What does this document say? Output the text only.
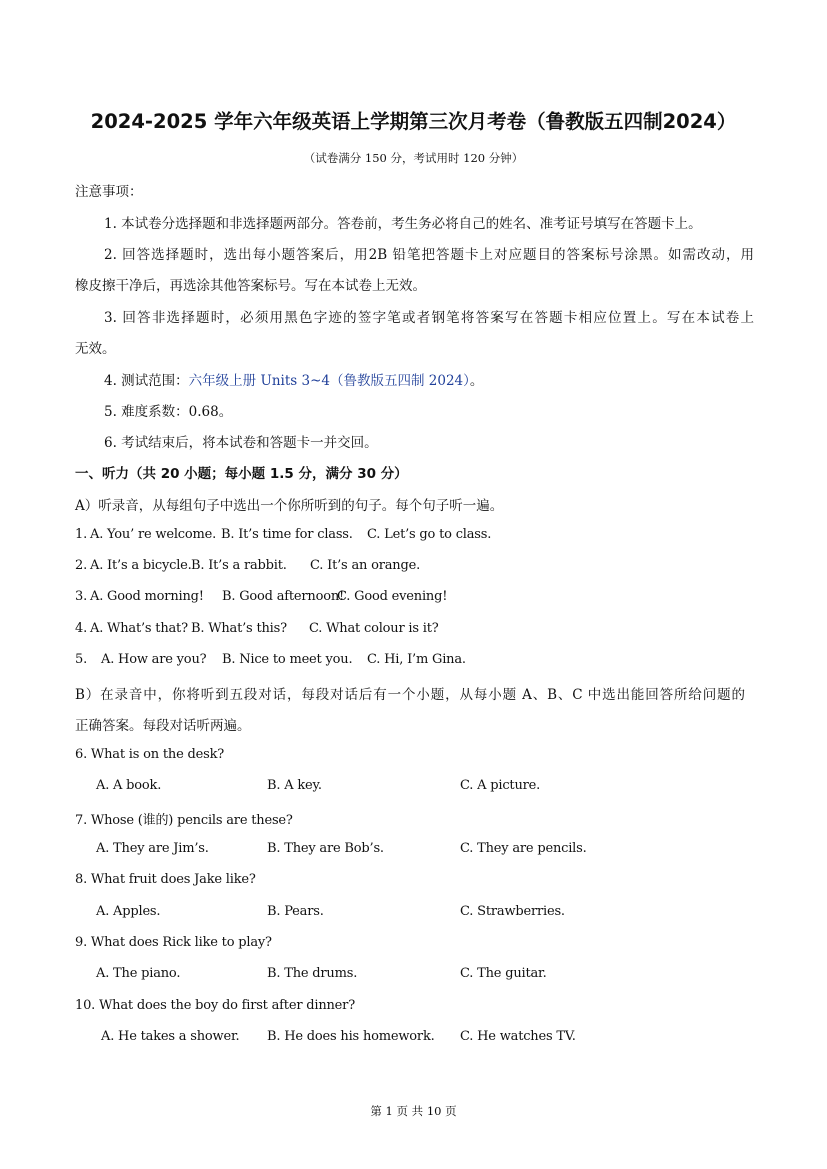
2024-2025 学年六年级英语上学期第三次月考卷（鲁教版五四制2024）
（试卷满分 150 分，考试用时 120 分钟）
注意事项：
1. 本试卷分选择题和非选择题两部分。答卷前，考生务必将自己的姓名、准考证号填写在答题卡上。
2. 回答选择题时，选出每小题答案后，用2B 铅笔把答题卡上对应题目的答案标号涂黑。如需改动，用
橡皮擦干净后，再选涂其他答案标号。写在本试卷上无效。
3. 回答非选择题时，必须用黑色字迹的签字笔或者钢笔将答案写在答题卡相应位置上。写在本试卷上
无效。
4. 测试范围：六年级上册 Units 3~4（鲁教版五四制 2024）。
5. 难度系数：0.68。
6. 考试结束后，将本试卷和答题卡一并交回。
一、听力（共 20 小题；每小题 1.5 分，满分 30 分）
A）听录音，从每组句子中选出一个你所听到的句子。每个句子听一遍。
1. A. You’ re welcome. B. It’s time for class. C. Let’s go to class.
2. A. It’s a bicycle. B. It’s a rabbit. C. It’s an orange.
3. A. Good morning! B. Good afternoon!
C. Good evening!
4. A. What’s that? B. What’s this? C. What colour is it?
5. A. How are you? B. Nice to meet you. C. Hi, I’m Gina.
B）在录音中，你将听到五段对话，每段对话后有一个小题，从每小题 A、B、C 中选出能回答所给问题的
正确答案。每段对话听两遍。
6. What is on the desk?
A. A book.	B. A key.	C. A picture.
7. Whose (谁的) pencils are these?
A. They are Jim’s.	B. They are Bob’s.	C. They are pencils.
8. What fruit does Jake like?
A. Apples.	B. Pears.	C. Strawberries.
9. What does Rick like to play?
A. The piano.	B. The drums.	C. The guitar.
10. What does the boy do first after dinner?
A. He takes a shower. B. He does his homework. C. He watches TV.
第 1 页 共 10 页
